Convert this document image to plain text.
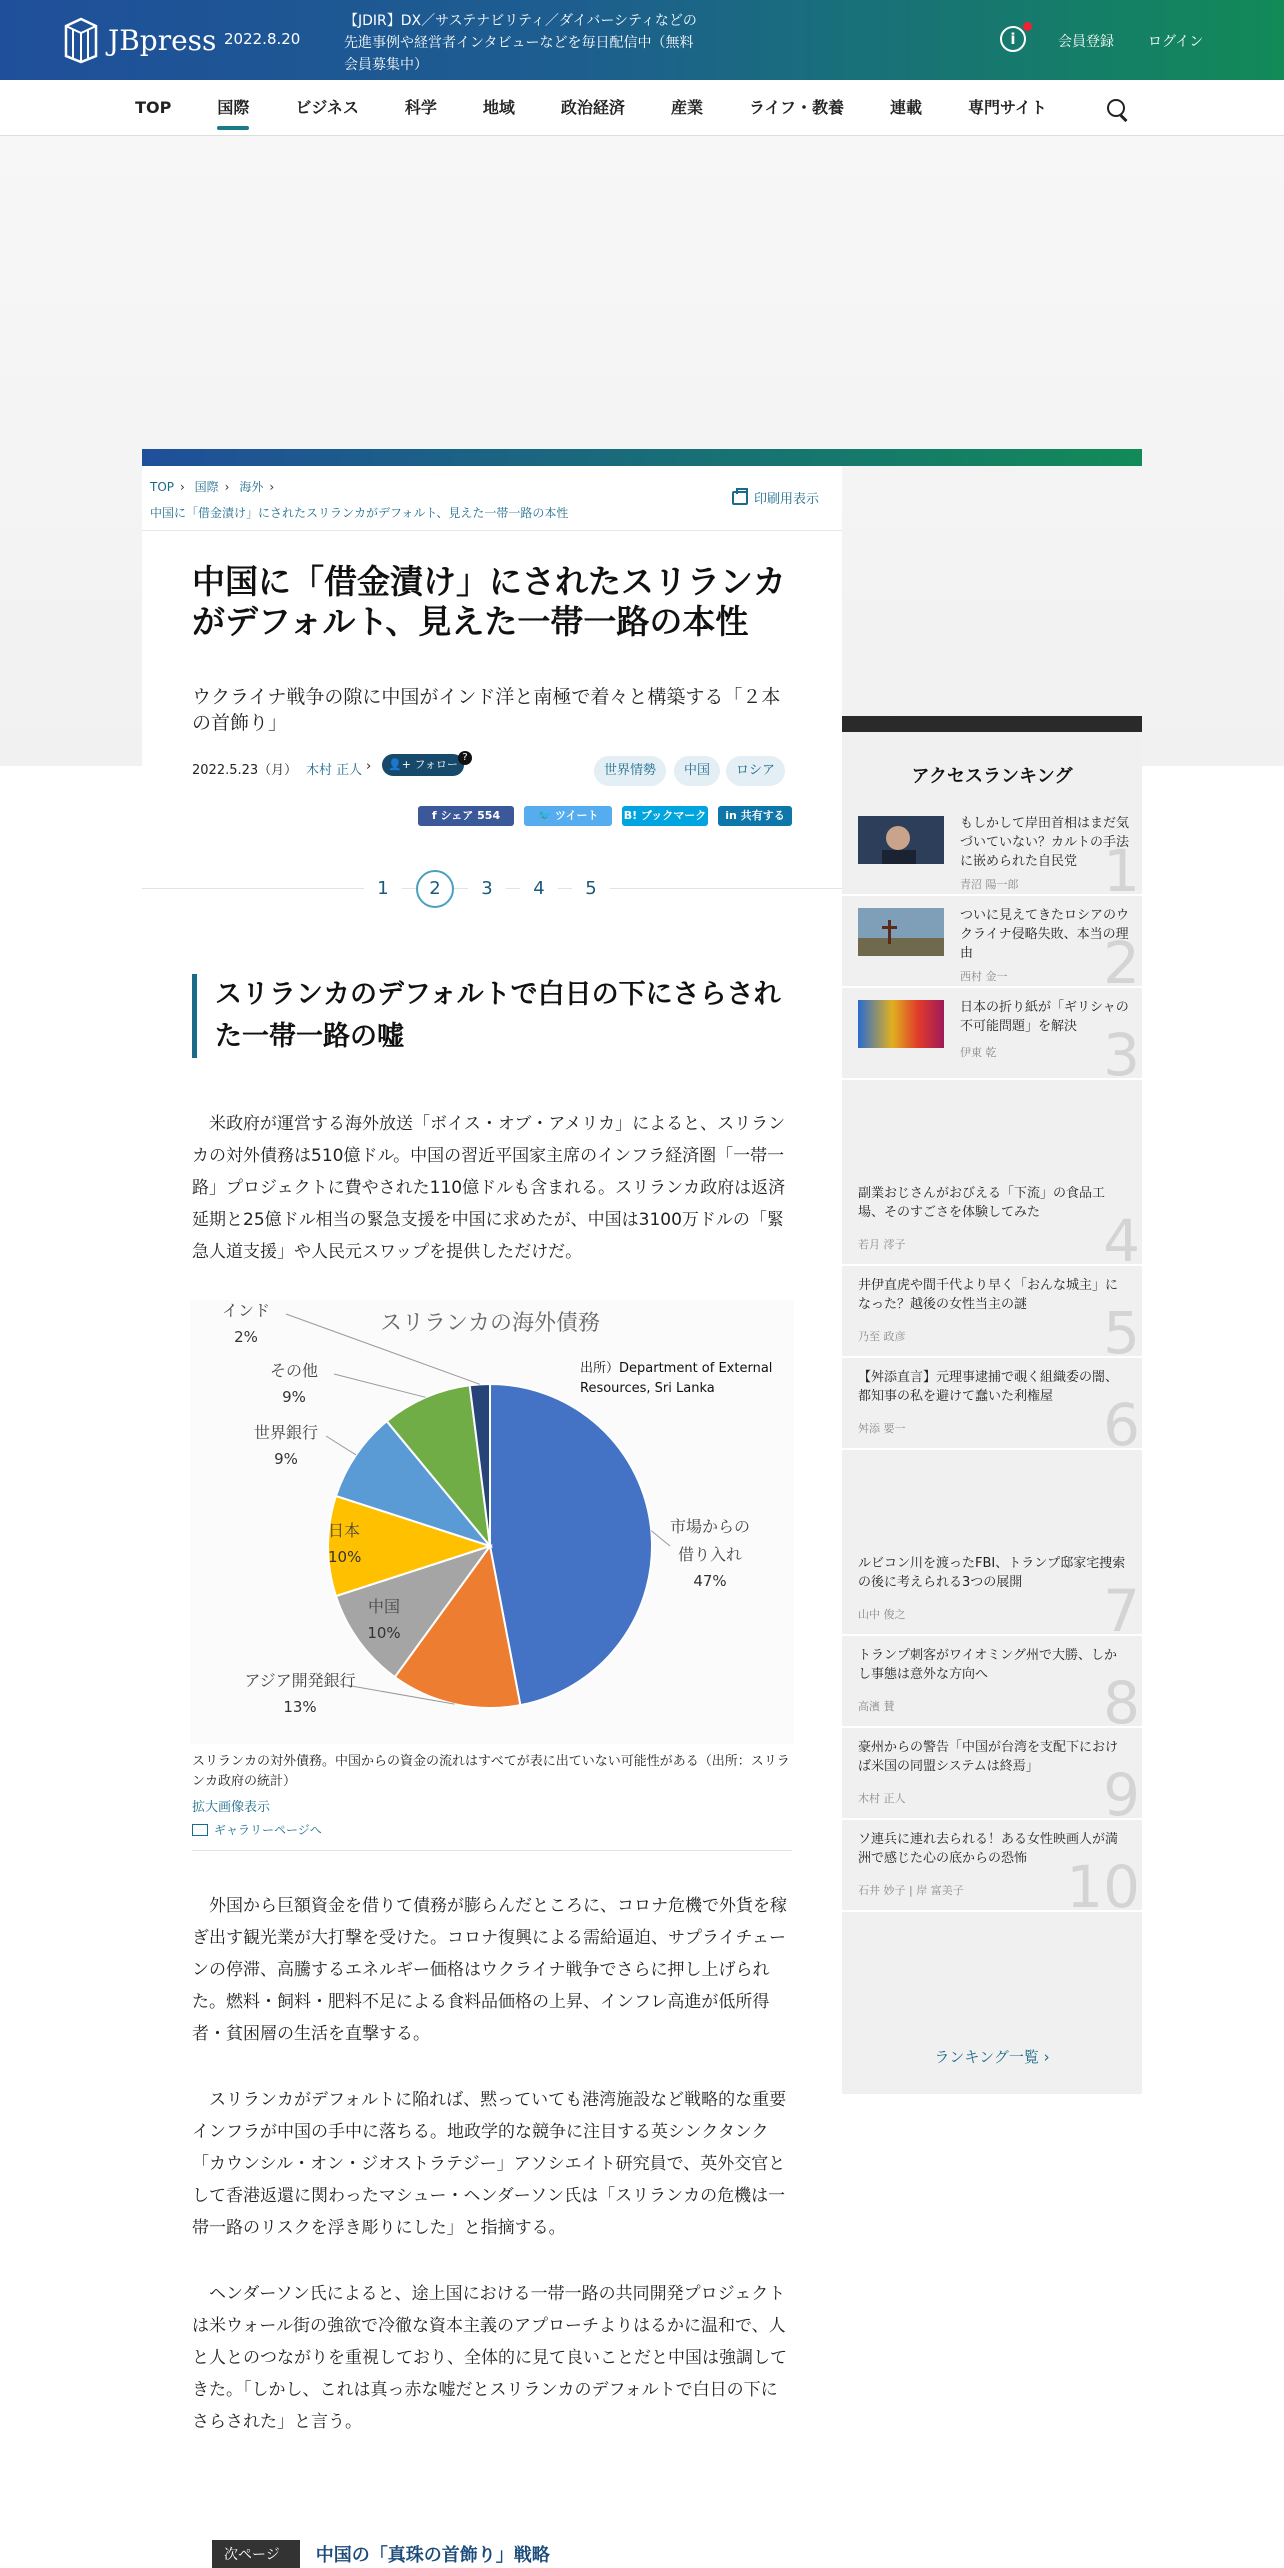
JBpress 2022.8.20
【JDIR】DX／サステナビリティ／ダイバーシティなどの先進事例や経営者インタビューなどを毎日配信中（無料会員募集中）
i	会員登録 ログイン
TOP	国際	ビジネス	科学	地域	政治経済	産業	ライフ・教養	連載	専門サイト
TOP › 国際 › 海外 ›
中国に「借金漬け」にされたスリランカがデフォルト、見えた一帯一路の本性
印刷用表示
中国に「借金漬け」にされたスリランカがデフォルト、見えた一帯一路の本性
ウクライナ戦争の隙に中国がインド洋と南極で着々と構築する「２本の首飾り」
2022.5.23（月） 木村 正人 ›	👤+ フォロー
?
世界情勢	中国	ロシア
f シェア 554	🐦 ツイート	B! ブックマーク	in 共有する
1	2	3	4	5
スリランカのデフォルトで白日の下にさらされた一帯一路の嘘

米政府が運営する海外放送「ボイス・オブ・アメリカ」によると、スリランカの対外債務は510億ドル。中国の習近平国家主席のインフラ経済圏「一帯一路」プロジェクトに費やされた110億ドルも含まれる。スリランカ政府は返済延期と25億ドル相当の緊急支援を中国に求めたが、中国は3100万ドルの「緊急人道支援」や人民元スワップを提供しただけだ。

スリランカの海外債務
出所）Department of External
Resources, Sri Lanka
市場からの
借り入れ
47%
アジア開発銀行
13%
中国
10%
日本
10%
世界銀行
9%
その他
9%
インド
2%
スリランカの対外債務。中国からの資金の流れはすべてが表に出ていない可能性がある（出所：スリランカ政府の統計）
拡大画像表示
ギャラリーページへ

外国から巨額資金を借りて債務が膨らんだところに、コロナ危機で外貨を稼ぎ出す観光業が大打撃を受けた。コロナ復興による需給逼迫、サプライチェーンの停滞、高騰するエネルギー価格はウクライナ戦争でさらに押し上げられた。燃料・飼料・肥料不足による食料品価格の上昇、インフレ高進が低所得者・貧困層の生活を直撃する。

スリランカがデフォルトに陥れば、黙っていても港湾施設など戦略的な重要インフラが中国の手中に落ちる。地政学的な競争に注目する英シンクタンク「カウンシル・オン・ジオストラテジー」アソシエイト研究員で、英外交官として香港返還に関わったマシュー・ヘンダーソン氏は「スリランカの危機は一帯一路のリスクを浮き彫りにした」と指摘する。

ヘンダーソン氏によると、途上国における一帯一路の共同開発プロジェクトは米ウォール街の強欲で冷徹な資本主義のアプローチよりはるかに温和で、人と人とのつながりを重視しており、全体的に見て良いことだと中国は強調してきた。「しかし、これは真っ赤な嘘だとスリランカのデフォルトで白日の下にさらされた」と言う。

次ページ	中国の「真珠の首飾り」戦略
アクセスランキング
もしかして岸田首相はまだ気づいていない？カルトの手法に嵌められた自民党
青沼 陽一郎 1
ついに見えてきたロシアのウクライナ侵略失敗、本当の理由
西村 金一 2
日本の折り紙が「ギリシャの不可能問題」を解決
伊東 乾 3
副業おじさんがおびえる「下流」の食品工場、そのすごさを体験してみた
若月 澪子	4
井伊直虎や間千代より早く「おんな城主」になった？越後の女性当主の謎
乃至 政彦	5
【舛添直言】元理事逮捕で覗く組織委の闇、都知事の私を避けて蠢いた利権屋
舛添 要一	6
ルビコン川を渡ったFBI、トランプ邸家宅捜索の後に考えられる3つの展開
山中 俊之	7
トランプ刺客がワイオミング州で大勝、しかし事態は意外な方向へ
高濱 賛	8
豪州からの警告「中国が台湾を支配下におけば米国の同盟システムは終焉」
木村 正人	9
ソ連兵に連れ去られる！ある女性映画人が満洲で感じた心の底からの恐怖
石井 妙子 | 岸 富美子 10
ランキング一覧 ›
